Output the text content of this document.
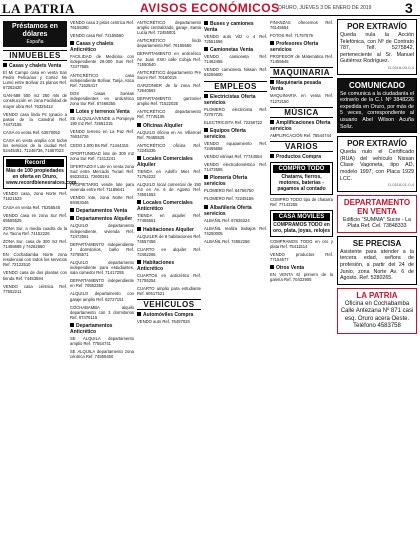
LA PATRIA	AVISOS ECONÓMICOS
ORURO, JUEVES 3 DE ENERO DE 2019 3
Préstamos en dólares
España
INMUEBLES
Casas y chalets Venta

El Mi Campo casa en venta San Pedro Pelícanos y Cortez Ñe Lumú entre Bolívar 21 planos Ref. 67262420

GAN-588 500 m2 250 mts de construcción en zona Facilidad de mayor obra Ref. 76325412

VENDO casa linda Pc Ignacio a pasos de la Catedral Ref. 74472155

CASA en venta Ref. 63570052

CASA en venta amplia con todos los servicios de la ciudad Ref. 52445451, 71246736, 71667023

Record
Más de 100 propiedades en oferta en Oruro, www.recordbienesraices.com

VENDO casa, zona Norte Ref. 71621523

CASA en venta Ref. 75255545

VENDO casa en zona Sur Ref. 65555525

ZONA Sur, a media cuadra de la Av. Tacna Ref. 74152226

ZONA Sur, casa de 300 m2 Ref. 71488695 y 74262560

EN Cochabamba Norte zona residencial con todos los servicios Ref. 72122510

VENDO casa de dos plantas con tienda Ref. 74453594

VENDO casa céntrica Ref. 77552211

VENDO casa 3 pisos centrica Ref. 76155360

VENDO casa Ref. 72155560

Casas y chalets Anticrético

FACILIDAD de Medicina con independiente 28.000 Sus Ref. 72477565

ANTICRÉTICO casa independiente Bolívar, Tarija, Atica Ref. 71625417

DOS casas bonitas independientes en anticrético zona Sur Ref. 67466355

Lotes y terrenos Venta

SE ALQUILA/VENDE a Pompeya 180 m2 Ref. 72661315

VENDO terreno en La Paz Ref. 76634726

CEDO 1.000 Bs Ref. 71444315

OPORTUNIDAD lote de 300 m2 zona Sur Ref. 71412241

OFERTAZO!!! Lote en venta zona Sud entre Mercado Tunari Ref. 69225311, 72600191

PROPIETARIO vende lote para vivienda entre Ref. 71165641

VENDO lote, zona Norte Ref. 69453346

Departamentos Venta
Departamentos Alquiler

ALQUILO departamento independiente, vivienda Ref. 72472551

DEPARTAMENTO independiente 2 dormitorios, baño Ref. 72765571

ALQUILO departamento independiente para estudiantes, sala comedor Ref. 71417255

DEPARTAMENTO independiente en Ref. 70552350

ALQUILO departamento con garaje amplio Ref. 62727151

COCHABAMBA alquilo departamento con 3 dormitorios Ref. 67476115

Departamentos Anticrético

SE ALQUILA departamento amplio Ref. 77554741

SE ALQUILA departamento zona céntrica Ref. 74555450

ANTICRÉTICO departamento amplio centralizado, garaje, Santa Lucía Ref. 72455001

ANTICRÉTICO lindo departamento Ref. 76155550

DEPARTAMENTO en anticrético Av. Juan XXIII calle Cobija Ref. 71550540

ANTICRÉTICO departamento Pre Sucre Ref. 70160215

GARZONIER de la zona Ref. 72640562

DEPARTAMENTO garzonier amplio Ref. 71522025

ANTICRÉTICO departamento Ref. 77745105

Oficinas Alquiler

ALQUILO oficina en Av. Villarroel Ref. 76455525

ANTICRÉTICO oficina Ref. 72245335

Locales Comerciales Alquiler

TIENDA en Adolfo Mier Ref. 71754222

ALQUILO local comercial de 150 m2 en Av. 6 de Agosto Ref. 74551552

Locales Comerciales Anticrético

TIENDA en alquiler Ref. 77455551

Habitaciones Alquiler

ALQUILER de 8 habitaciones Ref. 74557456

CUARTO en alquiler Ref. 72462265

Habitaciones Anticrético

CUARTOS en anticrético Ref. 71755254

CUARTO amplio para estudiante Ref. 60517521

VEHÍCULOS
Automóviles Compra

VENDO auto Ref. 76457025

Buses y camiones Venta

VENDO auto Vitz o 4 Ref. 72551556

Camionetas Venta

VENDO camioneta Ref. 71462455

VENDO camioneta Nissan Ref. 64255600

EMPLEOS
Electricistas Oferta servicios

PLOMERO electricista Ref. 72757725

ELECTRICISTA Ref. 72256722

Equipos Oferta servicios

VENDO equipamiento Ref. 72465655

VENDO vitrinas Ref. 77744554

VENDO electrodoméstico Ref. 71472555

Plomería Oferta servicios

PLOMERO Ref. 64756750

PLOMERO Ref. 72245156

Albañilería Oferta servicios

ALBAÑIL Ref. 67626224

ALBAÑIL realiza trabajos Ref. 74250005

ALBAÑIL Ref. 74552266

FINANZAS ofrecemos Ref. 76145554

FOTOS Ref. 71757576

Profesores Oferta servicios

PROFESOR de Matemática Ref. 71455545

MAQUINARIA
Maquinaria pesada Venta

MAQUINARIA en venta Ref. 71272150

MÚSICA
Amplificaciones Oferta servicios

AMPLIFICACIÓN Ref. 75544744

VARIOS
Productos Compra
COMPRO TODO
Chatarra, fierros, motores, baterías - pagamos al contado

COMPRO TODO tipo de chatarra Ref. 77142255

CASA MÓVILES
COMPRAMOS TODO en oro, plata, joyas, relojes

COMPRAMOS TODO en oro y plata Ref. 75411514

VENDO productos Ref. 77154577

Otros Venta

EN VENTA El primero de la galería Ref. 70432905

POR EXTRAVÍO
Queda nula la Acción Telefónica, con Nº de Contrato 787, Telf. 5275842, perteneciente al Sr. Manuel Gutiérrez Rodríguez.
D-0118-00-0-4
COMUNICADO
Se comunica a la ciudadanía el extravío de la C.I. Nº 3848226 expedida en Oruro, por más de 5 veces, correspondiente al usuario Abel Wilson Acuña Solíz.
POR EXTRAVÍO
Queda nulo el Certificado (RUA) del vehículo Nissan Clase Vagoneta, tipo AD, modelo 1997, con Placa 1929 LCC.
D-0118-01-0-4
DEPARTAMENTO EN VENTA
Edificio "SUMMA" Sucre - La Plata Ref. Cel. 73848333
SE PRECISA
Asistente para atender a la tercera edad, señora de profesión, a partir del 24 de Junio, zona Norte Av. 6 de Agosto. Ref. 5280265.
LA PATRIA
Oficina en Cochabamba Calle Antezana Nº 871 casi esq. Oruro acera Oeste. Teléfono 4583758
